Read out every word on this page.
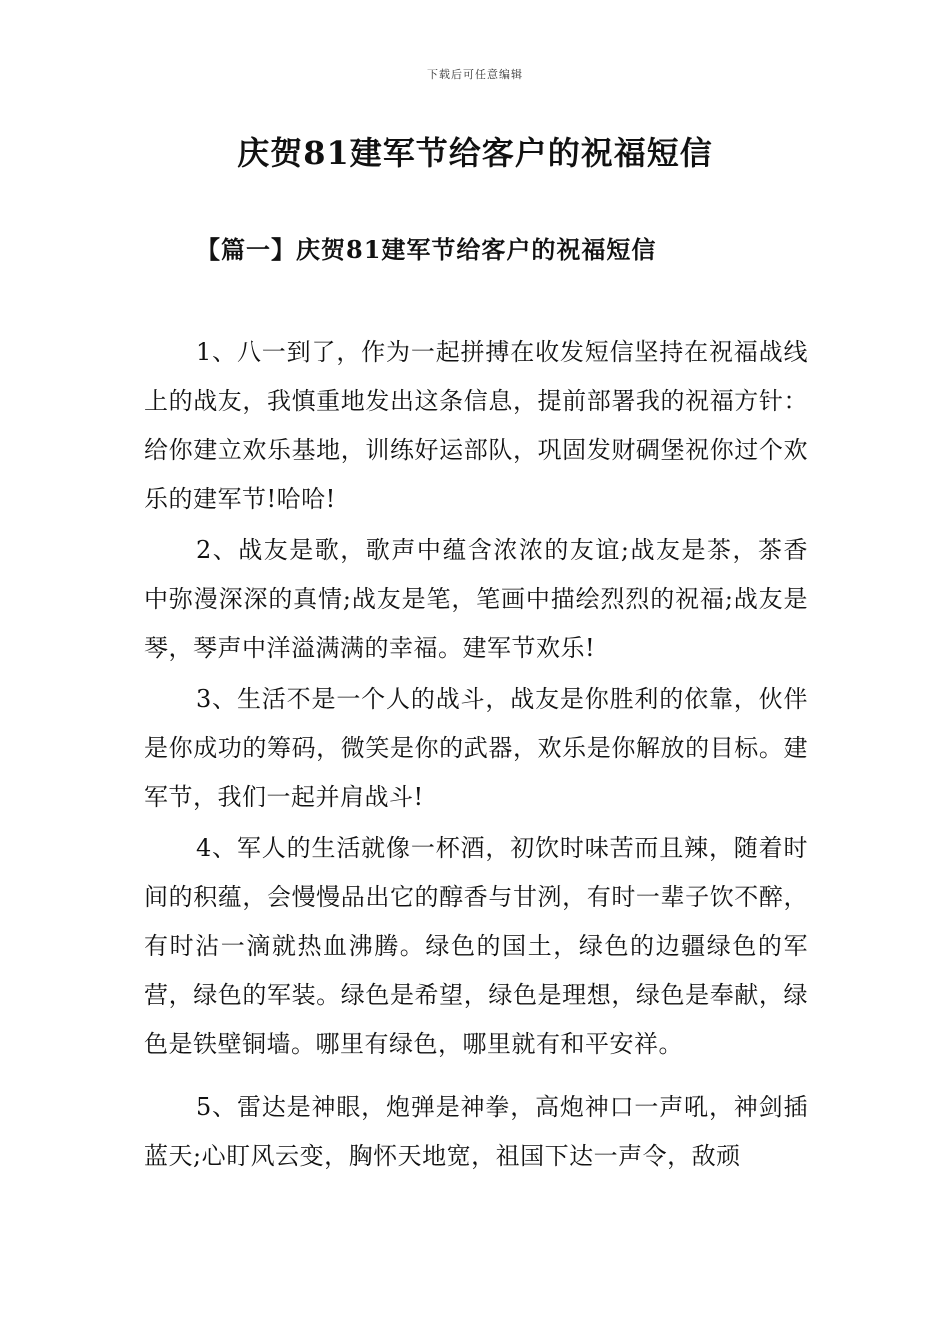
下载后可任意编辑
庆贺81建军节给客户的祝福短信
【篇一】庆贺81建军节给客户的祝福短信

1、八一到了，作为一起拼搏在收发短信坚持在祝福战线上的战友，我慎重地发出这条信息，提前部署我的祝福方针：给你建立欢乐基地，训练好运部队，巩固发财碉堡祝你过个欢乐的建军节!哈哈!

2、战友是歌，歌声中蕴含浓浓的友谊;战友是茶，茶香中弥漫深深的真情;战友是笔，笔画中描绘烈烈的祝福;战友是琴，琴声中洋溢满满的幸福。建军节欢乐!

3、生活不是一个人的战斗，战友是你胜利的依靠，伙伴是你成功的筹码，微笑是你的武器，欢乐是你解放的目标。建军节，我们一起并肩战斗!

4、军人的生活就像一杯酒，初饮时味苦而且辣，随着时间的积蕴，会慢慢品出它的醇香与甘洌，有时一辈子饮不醉，有时沾一滴就热血沸腾。绿色的国土，绿色的边疆绿色的军营，绿色的军装。绿色是希望，绿色是理想，绿色是奉献，绿色是铁壁铜墙。哪里有绿色，哪里就有和平安祥。

5、雷达是神眼，炮弹是神拳，高炮神口一声吼，神剑插蓝天;心盯风云变，胸怀天地宽，祖国下达一声令，敌顽
